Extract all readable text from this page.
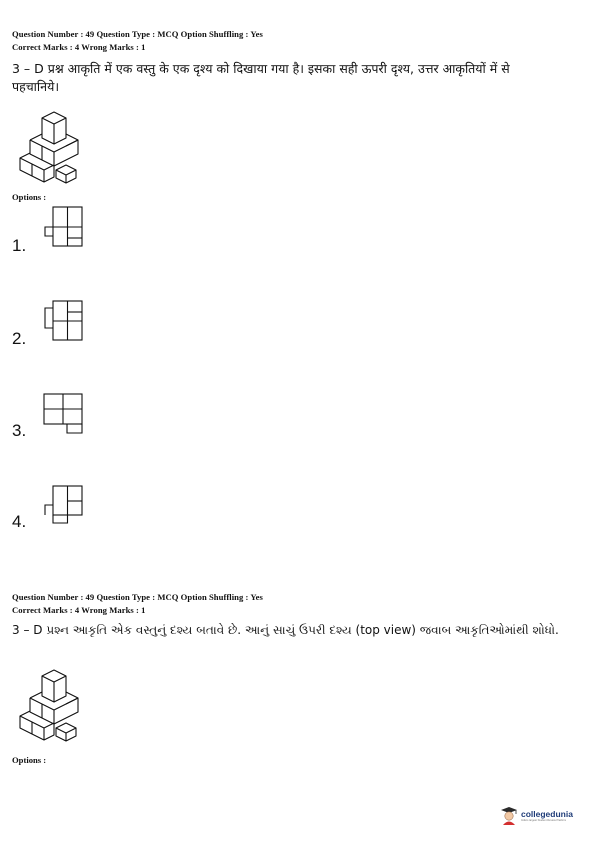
Question Number : 49 Question Type : MCQ Option Shuffling : Yes
Correct Marks : 4 Wrong Marks : 1
3 – D प्रश्न आकृति में एक वस्तु के एक दृश्य को दिखाया गया है। इसका सही ऊपरी दृश्य, उत्तर आकृतियों में से
पहचानिये।
Options :
1.
2.
3.
4.
Question Number : 49 Question Type : MCQ Option Shuffling : Yes
Correct Marks : 4 Wrong Marks : 1
3 – D પ્રશ્ન આકૃતિ એક વસ્તુનું દશ્ય બતાવે છે. આનું સાચું ઉપરી દશ્ય (top view) જવાબ આકૃતિઓમાંથી શોધો.
Options :
collegedunia
India's largest Student Review Platform
